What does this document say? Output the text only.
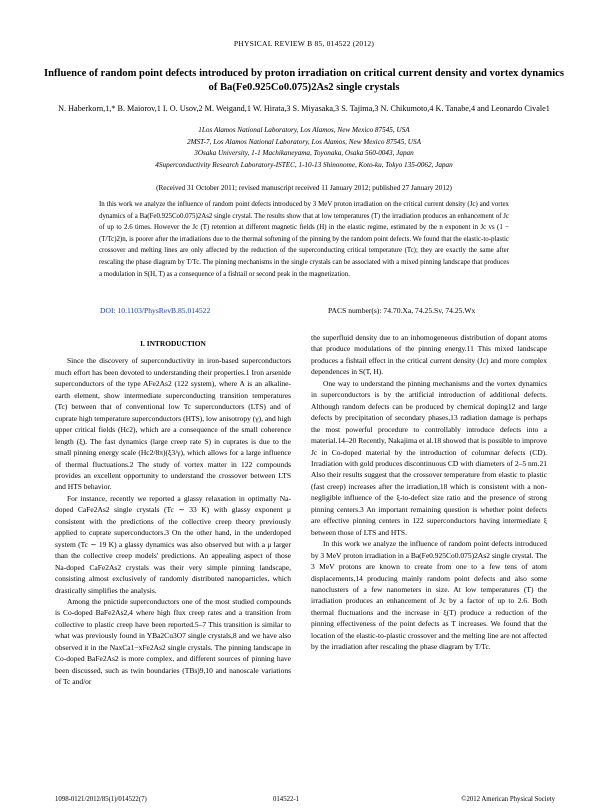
PHYSICAL REVIEW B 85, 014522 (2012)
Influence of random point defects introduced by proton irradiation on critical current density and vortex dynamics of Ba(Fe0.925Co0.075)2As2 single crystals
N. Haberkorn,1,* B. Maiorov,1 I. O. Usov,2 M. Weigand,1 W. Hirata,3 S. Miyasaka,3 S. Tajima,3 N. Chikumoto,4 K. Tanabe,4 and Leonardo Civale1
1Los Alamos National Laboratory, Los Alamos, New Mexico 87545, USA
2MST-7, Los Alamos National Laboratory, Los Alamos, New Mexico 87545, USA
3Osaka University, 1-1 Machikaneyama, Toyonaka, Osaka 560-0043, Japan
4Superconductivity Research Laboratory-ISTEC, 1-10-13 Shinonome, Koto-ku, Tokyo 135-0062, Japan
(Received 31 October 2011; revised manuscript received 11 January 2012; published 27 January 2012)
In this work we analyze the influence of random point defects introduced by 3 MeV proton irradiation on the critical current density (Jc) and vortex dynamics of a Ba(Fe0.925Co0.075)2As2 single crystal. The results show that at low temperatures (T) the irradiation produces an enhancement of Jc of up to 2.6 times. However the Jc (T) retention at different magnetic fields (H) in the elastic regime, estimated by the n exponent in Jc vs (1 − (T/Tc)2)n, is poorer after the irradiations due to the thermal softening of the pinning by the random point defects. We found that the elastic-to-plastic crossover and melting lines are only affected by the reduction of the superconducting critical temperature (Tc); they are exactly the same after rescaling the phase diagram by T/Tc. The pinning mechanisms in the single crystals can be associated with a mixed pinning landscape that produces a modulation in S(H, T) as a consequence of a fishtail or second peak in the magnetization.
DOI: 10.1103/PhysRevB.85.014522	PACS number(s): 74.70.Xa, 74.25.Sv, 74.25.Wx
I. INTRODUCTION

Since the discovery of superconductivity in iron-based superconductors much effort has been devoted to understanding their properties.1 Iron arsenide superconductors of the type AFe2As2 (122 system), where A is an alkaline-earth element, show intermediate superconducting transition temperatures (Tc) between that of conventional low Tc superconductors (LTS) and of cuprate high temperature superconductors (HTS), low anisotropy (γ), and high upper critical fields (Hc2), which are a consequence of the small coherence length (ξ). The fast dynamics (large creep rate S) in cuprates is due to the small pinning energy scale (Hc2/8π)(ξ3/γ), which allows for a large influence of thermal fluctuations.2 The study of vortex matter in 122 compounds provides an excellent opportunity to understand the crossover between LTS and HTS behavior.

For instance, recently we reported a glassy relaxation in optimally Na-doped CaFe2As2 single crystals (Tc ∼ 33 K) with glassy exponent μ consistent with the predictions of the collective creep theory previously applied to cuprate superconductors.3 On the other hand, in the underdoped system (Tc ∼ 19 K) a glassy dynamics was also observed but with a μ larger than the collective creep models' predictions. An appealing aspect of those Na-doped CaFe2As2 crystals was their very simple pinning landscape, consisting almost exclusively of randomly distributed nanoparticles, which drastically simplifies the analysis.

Among the pnictide superconductors one of the most studied compounds is Co-doped BaFe2As2,4 where high flux creep rates and a transition from collective to plastic creep have been reported.5–7 This transition is similar to what was previously found in YBa2Cu3O7 single crystals,8 and we have also observed it in the NaxCa1−xFe2As2 single crystals. The pinning landscape in Co-doped BaFe2As2 is more complex, and different sources of pinning have been discussed, such as twin boundaries (TBs)9,10 and nanoscale variations of Tc and/or

the superfluid density due to an inhomogeneous distribution of dopant atoms that produce modulations of the pinning energy.11 This mixed landscape produces a fishtail effect in the critical current density (Jc) and more complex dependences in S(T, H).

One way to understand the pinning mechanisms and the vortex dynamics in superconductors is by the artificial introduction of additional defects. Although random defects can be produced by chemical doping12 and large defects by precipitation of secondary phases,13 radiation damage is perhaps the most powerful procedure to controllably introduce defects into a material.14–20 Recently, Nakajima et al.18 showed that is possible to improve Jc in Co-doped material by the introduction of columnar defects (CD). Irradiation with gold produces discontinuous CD with diameters of 2–5 nm.21 Also their results suggest that the crossover temperature from elastic to plastic (fast creep) increases after the irradiation,18 which is consistent with a non-negligible influence of the ξ-to-defect size ratio and the presence of strong pinning centers.3 An important remaining question is whether point defects are effective pinning centers in 122 superconductors having intermediate ξ between those of LTS and HTS.

In this work we analyze the influence of random point defects introduced by 3 MeV proton irradiation in a Ba(Fe0.925Co0.075)2As2 single crystal. The 3 MeV protons are known to create from one to a few tens of atom displacements,14 producing mainly random point defects and also some nanoclusters of a few nanometers in size. At low temperatures (T) the irradiation produces an enhancement of Jc by a factor of up to 2.6. Both thermal fluctuations and the increase in ξ(T) produce a reduction of the pinning effectiveness of the point defects as T increases. We found that the location of the elastic-to-plastic crossover and the melting line are not affected by the irradiation after rescaling the phase diagram by T/Tc.

1098-0121/2012/85(1)/014522(7)	014522-1	©2012 American Physical Society
